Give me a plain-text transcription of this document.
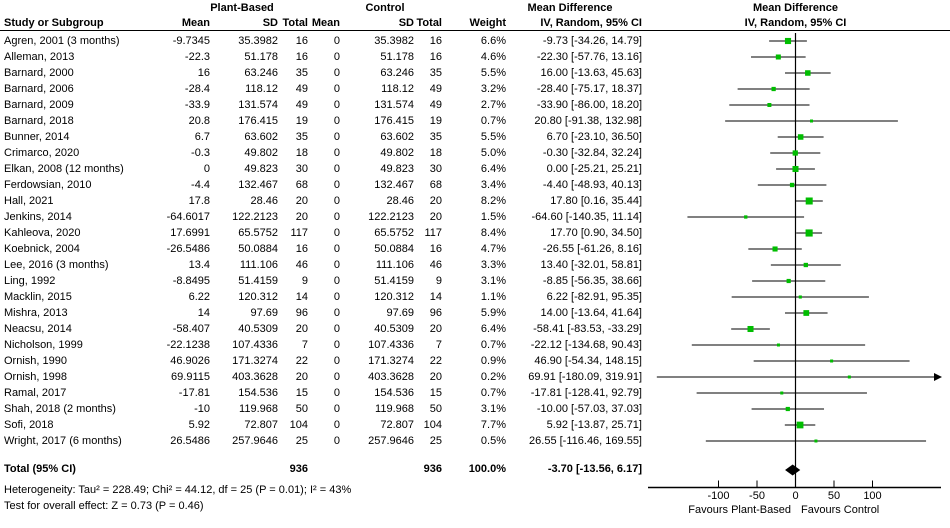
Plant-Based	Control	Mean Difference	Mean Difference
Study or Subgroup	Mean	SD Total Mean	SD Total	Weight	IV, Random, 95% CI	IV, Random, 95% CI
Agren, 2001 (3 months)	-9.7345	35.3982	16	0	35.3982	16	6.6%	-9.73 [-34.26, 14.79]
Alleman, 2013	-22.3	51.178	16	0	51.178	16	4.6%	-22.30 [-57.76, 13.16]
Barnard, 2000	16	63.246	35	0	63.246	35	5.5%	16.00 [-13.63, 45.63]
Barnard, 2006	-28.4	118.12	49	0	118.12	49	3.2%	-28.40 [-75.17, 18.37]
Barnard, 2009	-33.9	131.574	49	0	131.574	49	2.7%	-33.90 [-86.00, 18.20]
Barnard, 2018	20.8	176.415	19	0	176.415	19	0.7%	20.80 [-91.38, 132.98]
Bunner, 2014	6.7	63.602	35	0	63.602	35	5.5%	6.70 [-23.10, 36.50]
Crimarco, 2020	-0.3	49.802	18	0	49.802	18	5.0%	-0.30 [-32.84, 32.24]
Elkan, 2008 (12 months)	0	49.823	30	0	49.823	30	6.4%	0.00 [-25.21, 25.21]
Ferdowsian, 2010	-4.4	132.467	68	0	132.467	68	3.4%	-4.40 [-48.93, 40.13]
Hall, 2021	17.8	28.46	20	0	28.46	20	8.2%	17.80 [0.16, 35.44]
Jenkins, 2014	-64.6017	122.2123	20	0	122.2123	20	1.5%	-64.60 [-140.35, 11.14]
Kahleova, 2020	17.6991	65.5752	117	0	65.5752 117	8.4%	17.70 [0.90, 34.50]
Koebnick, 2004	-26.5486	50.0884	16	0	50.0884	16	4.7%	-26.55 [-61.26, 8.16]
Lee, 2016 (3 months)	13.4	111.106	46	0	111.106	46	3.3%	13.40 [-32.01, 58.81]
Ling, 1992	-8.8495	51.4159	9	0	51.4159	9	3.1%	-8.85 [-56.35, 38.66]
Macklin, 2015	6.22	120.312	14	0	120.312	14	1.1%	6.22 [-82.91, 95.35]
Mishra, 2013	14	97.69	96	0	97.69	96	5.9%	14.00 [-13.64, 41.64]
Neacsu, 2014	-58.407	40.5309	20	0	40.5309	20	6.4%	-58.41 [-83.53, -33.29]
Nicholson, 1999	-22.1238	107.4336	7	0	107.4336	7	0.7%	-22.12 [-134.68, 90.43]
Ornish, 1990	46.9026	171.3274	22	0	171.3274	22	0.9%	46.90 [-54.34, 148.15]
Ornish, 1998	69.9115	403.3628	20	0	403.3628	20	0.2%	69.91 [-180.09, 319.91]
Ramal, 2017	-17.81	154.536	15	0	154.536	15	0.7%	-17.81 [-128.41, 92.79]
Shah, 2018 (2 months)	-10	119.968	50	0	119.968	50	3.1%	-10.00 [-57.03, 37.03]
Sofi, 2018	5.92	72.807	104	0	72.807 104	7.7%	5.92 [-13.87, 25.71]
Wright, 2017 (6 months)	26.5486	257.9646	25	0	257.9646	25	0.5%	26.55 [-116.46, 169.55]
Total (95% CI)	936	936	100.0%	-3.70 [-13.56, 6.17]
Heterogeneity: Tau² = 228.49; Chi² = 44.12, df = 25 (P = 0.01); I² = 43%
Test for overall effect: Z = 0.73 (P = 0.46)
-100	-50	0	50	100
Favours Plant-Based Favours Control
